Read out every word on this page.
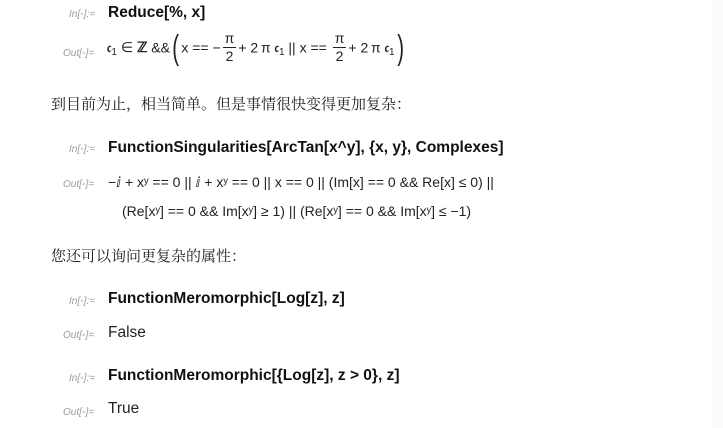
In[◦]:= Reduce[%, x]
Out[◦]= 𝔠$_1$ ∈ ℤ &&( x == − $\frac{\pi}{2} + 2$ π 𝔠$_1$ || $x == \frac{\pi}{2} + 2$ π 𝔠$_1$)
到目前为止，相当简单。但是事情很快变得更加复杂：
In[◦]:= FunctionSingularities[ArcTan[x^y], {x, y}, Complexes]
Out[◦]= −ⅈ + xʸ == 0 || ⅈ + xʸ == 0 || x == 0 || (Im[x] == 0 && Re[x] ≤ 0) ||
(Re[xʸ] == 0 && Im[xʸ] ≥ 1) || (Re[xʸ] == 0 && Im[xʸ] ≤ −1)
您还可以询问更复杂的属性：
In[◦]:= FunctionMeromorphic[Log[z], z]
Out[◦]= False
In[◦]:= FunctionMeromorphic[{Log[z], z > 0}, z]
Out[◦]= True
